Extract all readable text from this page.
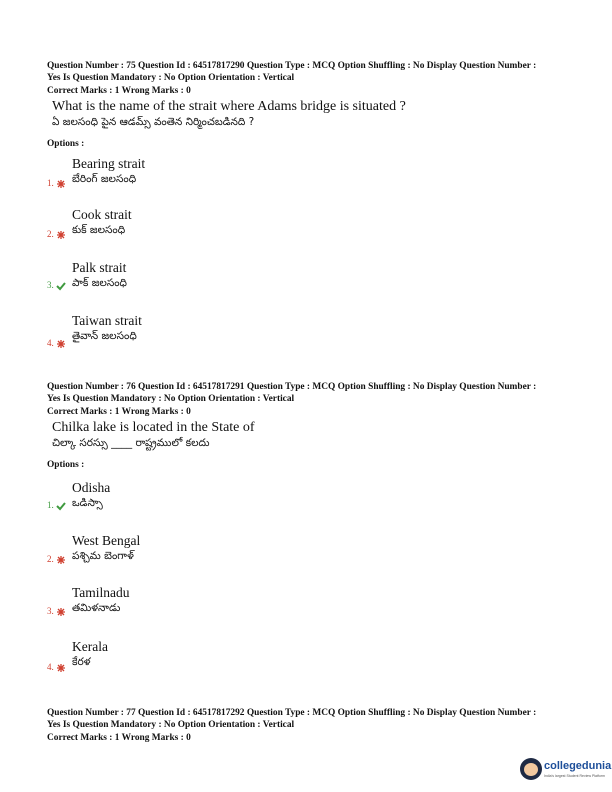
Question Number : 75 Question Id : 64517817290 Question Type : MCQ Option Shuffling : No Display Question Number :
Yes Is Question Mandatory : No Option Orientation : Vertical
Correct Marks : 1 Wrong Marks : 0
What is the name of the strait where Adams bridge is situated ?
ఏ జలసంధి పైన ఆడమ్స్ వంతెన నిర్మించబడినది ?
Options :
1.
Bearing strait
బేరింగ్ జలసంధి
2.
Cook strait
కుక్ జలసంధి
3.
Palk strait
పాక్ జలసంధి
4.
Taiwan strait
తైవాన్ జలసంధి
Question Number : 76 Question Id : 64517817291 Question Type : MCQ Option Shuffling : No Display Question Number :
Yes Is Question Mandatory : No Option Orientation : Vertical
Correct Marks : 1 Wrong Marks : 0
Chilka lake is located in the State of
చిల్కా సరస్సు ____ రాష్ట్రములో కలదు
Options :
1.
Odisha
ఒడిస్సా
2.
West Bengal
పశ్చిమ బెంగాళ్
3.
Tamilnadu
తమిళనాడు
4.
Kerala
కేరళ
Question Number : 77 Question Id : 64517817292 Question Type : MCQ Option Shuffling : No Display Question Number :
Yes Is Question Mandatory : No Option Orientation : Vertical
Correct Marks : 1 Wrong Marks : 0
collegedunia
India's largest Student Review Platform
